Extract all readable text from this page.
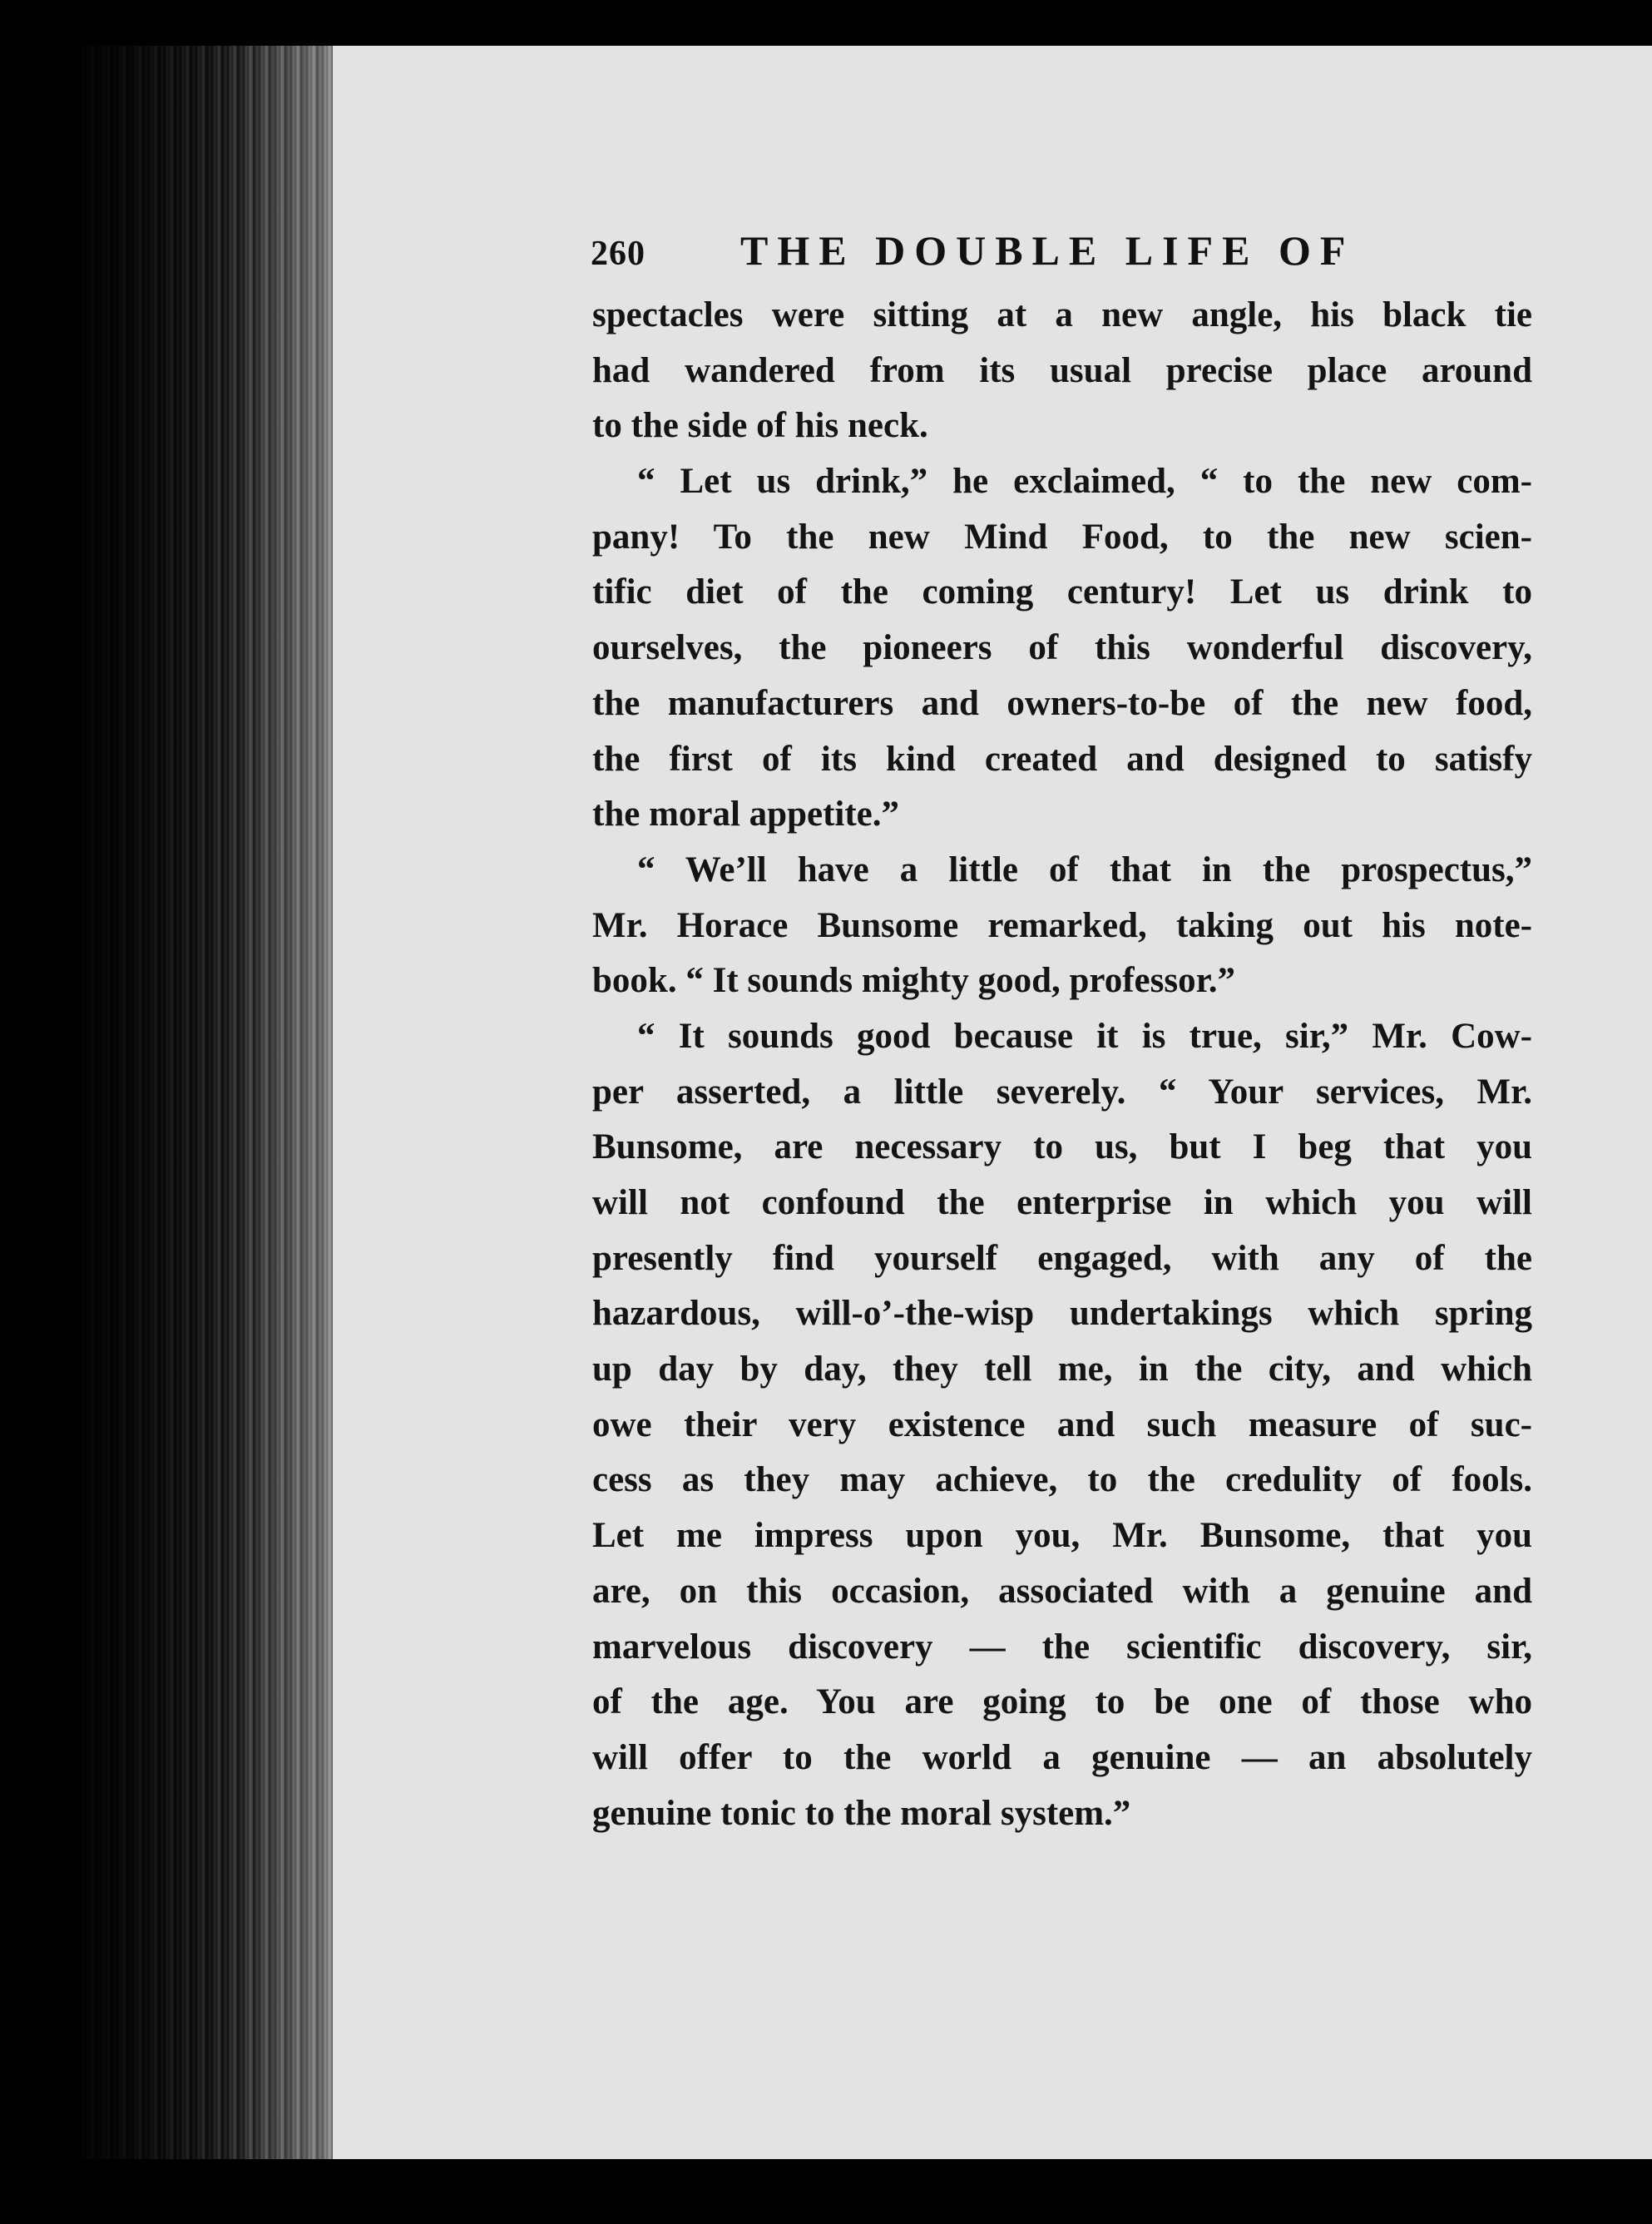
260	THE DOUBLE LIFE OF
spectacles were sitting at a new angle, his black tie
had wandered from its usual precise place around
to the side of his neck.
“ Let us drink,” he exclaimed, “ to the new com-
pany! To the new Mind Food, to the new scien-
tific diet of the coming century! Let us drink to
ourselves, the pioneers of this wonderful discovery,
the manufacturers and owners-to-be of the new food,
the first of its kind created and designed to satisfy
the moral appetite.”
“ We’ll have a little of that in the prospectus,”
Mr. Horace Bunsome remarked, taking out his note-
book. “ It sounds mighty good, professor.”
“ It sounds good because it is true, sir,” Mr. Cow-
per asserted, a little severely. “ Your services, Mr.
Bunsome, are necessary to us, but I beg that you
will not confound the enterprise in which you will
presently find yourself engaged, with any of the
hazardous, will-o’-the-wisp undertakings which spring
up day by day, they tell me, in the city, and which
owe their very existence and such measure of suc-
cess as they may achieve, to the credulity of fools.
Let me impress upon you, Mr. Bunsome, that you
are, on this occasion, associated with a genuine and
marvelous discovery — the scientific discovery, sir,
of the age. You are going to be one of those who
will offer to the world a genuine — an absolutely
genuine tonic to the moral system.”
